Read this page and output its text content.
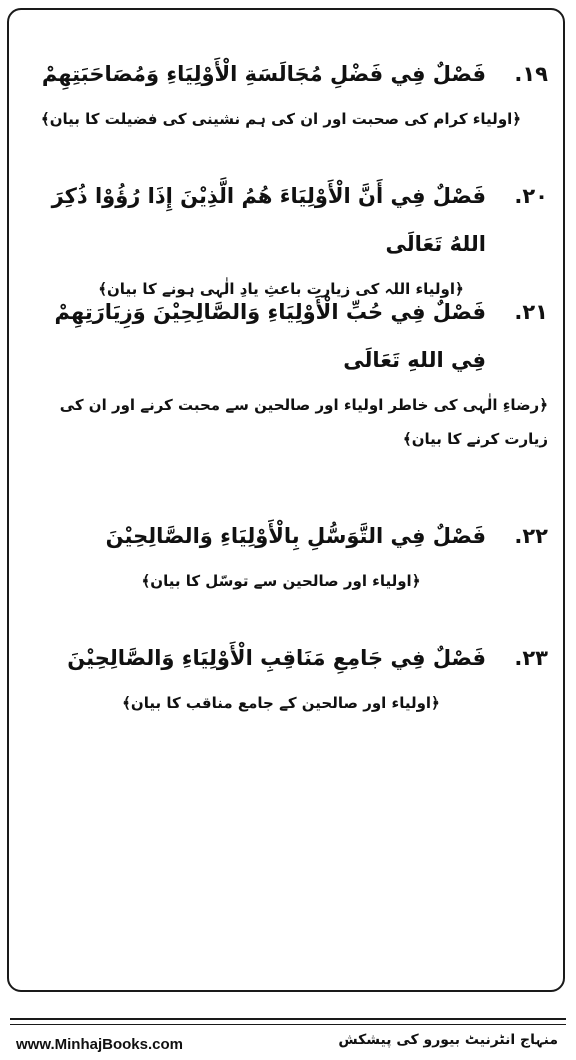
١٩.
فَصْلٌ فِي فَضْلِ مُجَالَسَةِ الْأَوْلِيَاءِ وَمُصَاحَبَتِهِمْ
﴿اولیاء کرام کی صحبت اور ان کی ہم نشینی کی فضیلت کا بیان﴾
٢٠.
فَصْلٌ فِي أَنَّ الْأَوْلِيَاءَ هُمُ الَّذِيْنَ إِذَا رُؤُوْا ذُكِرَ اللهُ تَعَالَى
﴿اولیاء اللہ کی زیارت باعثِ یادِ الٰہی ہونے کا بیان﴾
٢١.
فَصْلٌ فِي حُبِّ الْأَوْلِيَاءِ وَالصَّالِحِيْنَ وَزِيَارَتِهِمْ
فِي اللهِ تَعَالَى
﴿رضاءِ الٰہی کی خاطر اولیاء اور صالحین سے محبت کرنے اور ان کی
زیارت کرنے کا بیان﴾
٢٢.
فَصْلٌ فِي التَّوَسُّلِ بِالْأَوْلِيَاءِ وَالصَّالِحِيْنَ
﴿اولیاء اور صالحین سے توسّل کا بیان﴾
٢٣.
فَصْلٌ فِي جَامِعِ مَنَاقِبِ الْأَوْلِيَاءِ وَالصَّالِحِيْنَ
﴿اولیاء اور صالحین کے جامع مناقب کا بیان﴾
www.MinhajBooks.com	منہاج انٹرنیٹ بیورو کی پیشکش
